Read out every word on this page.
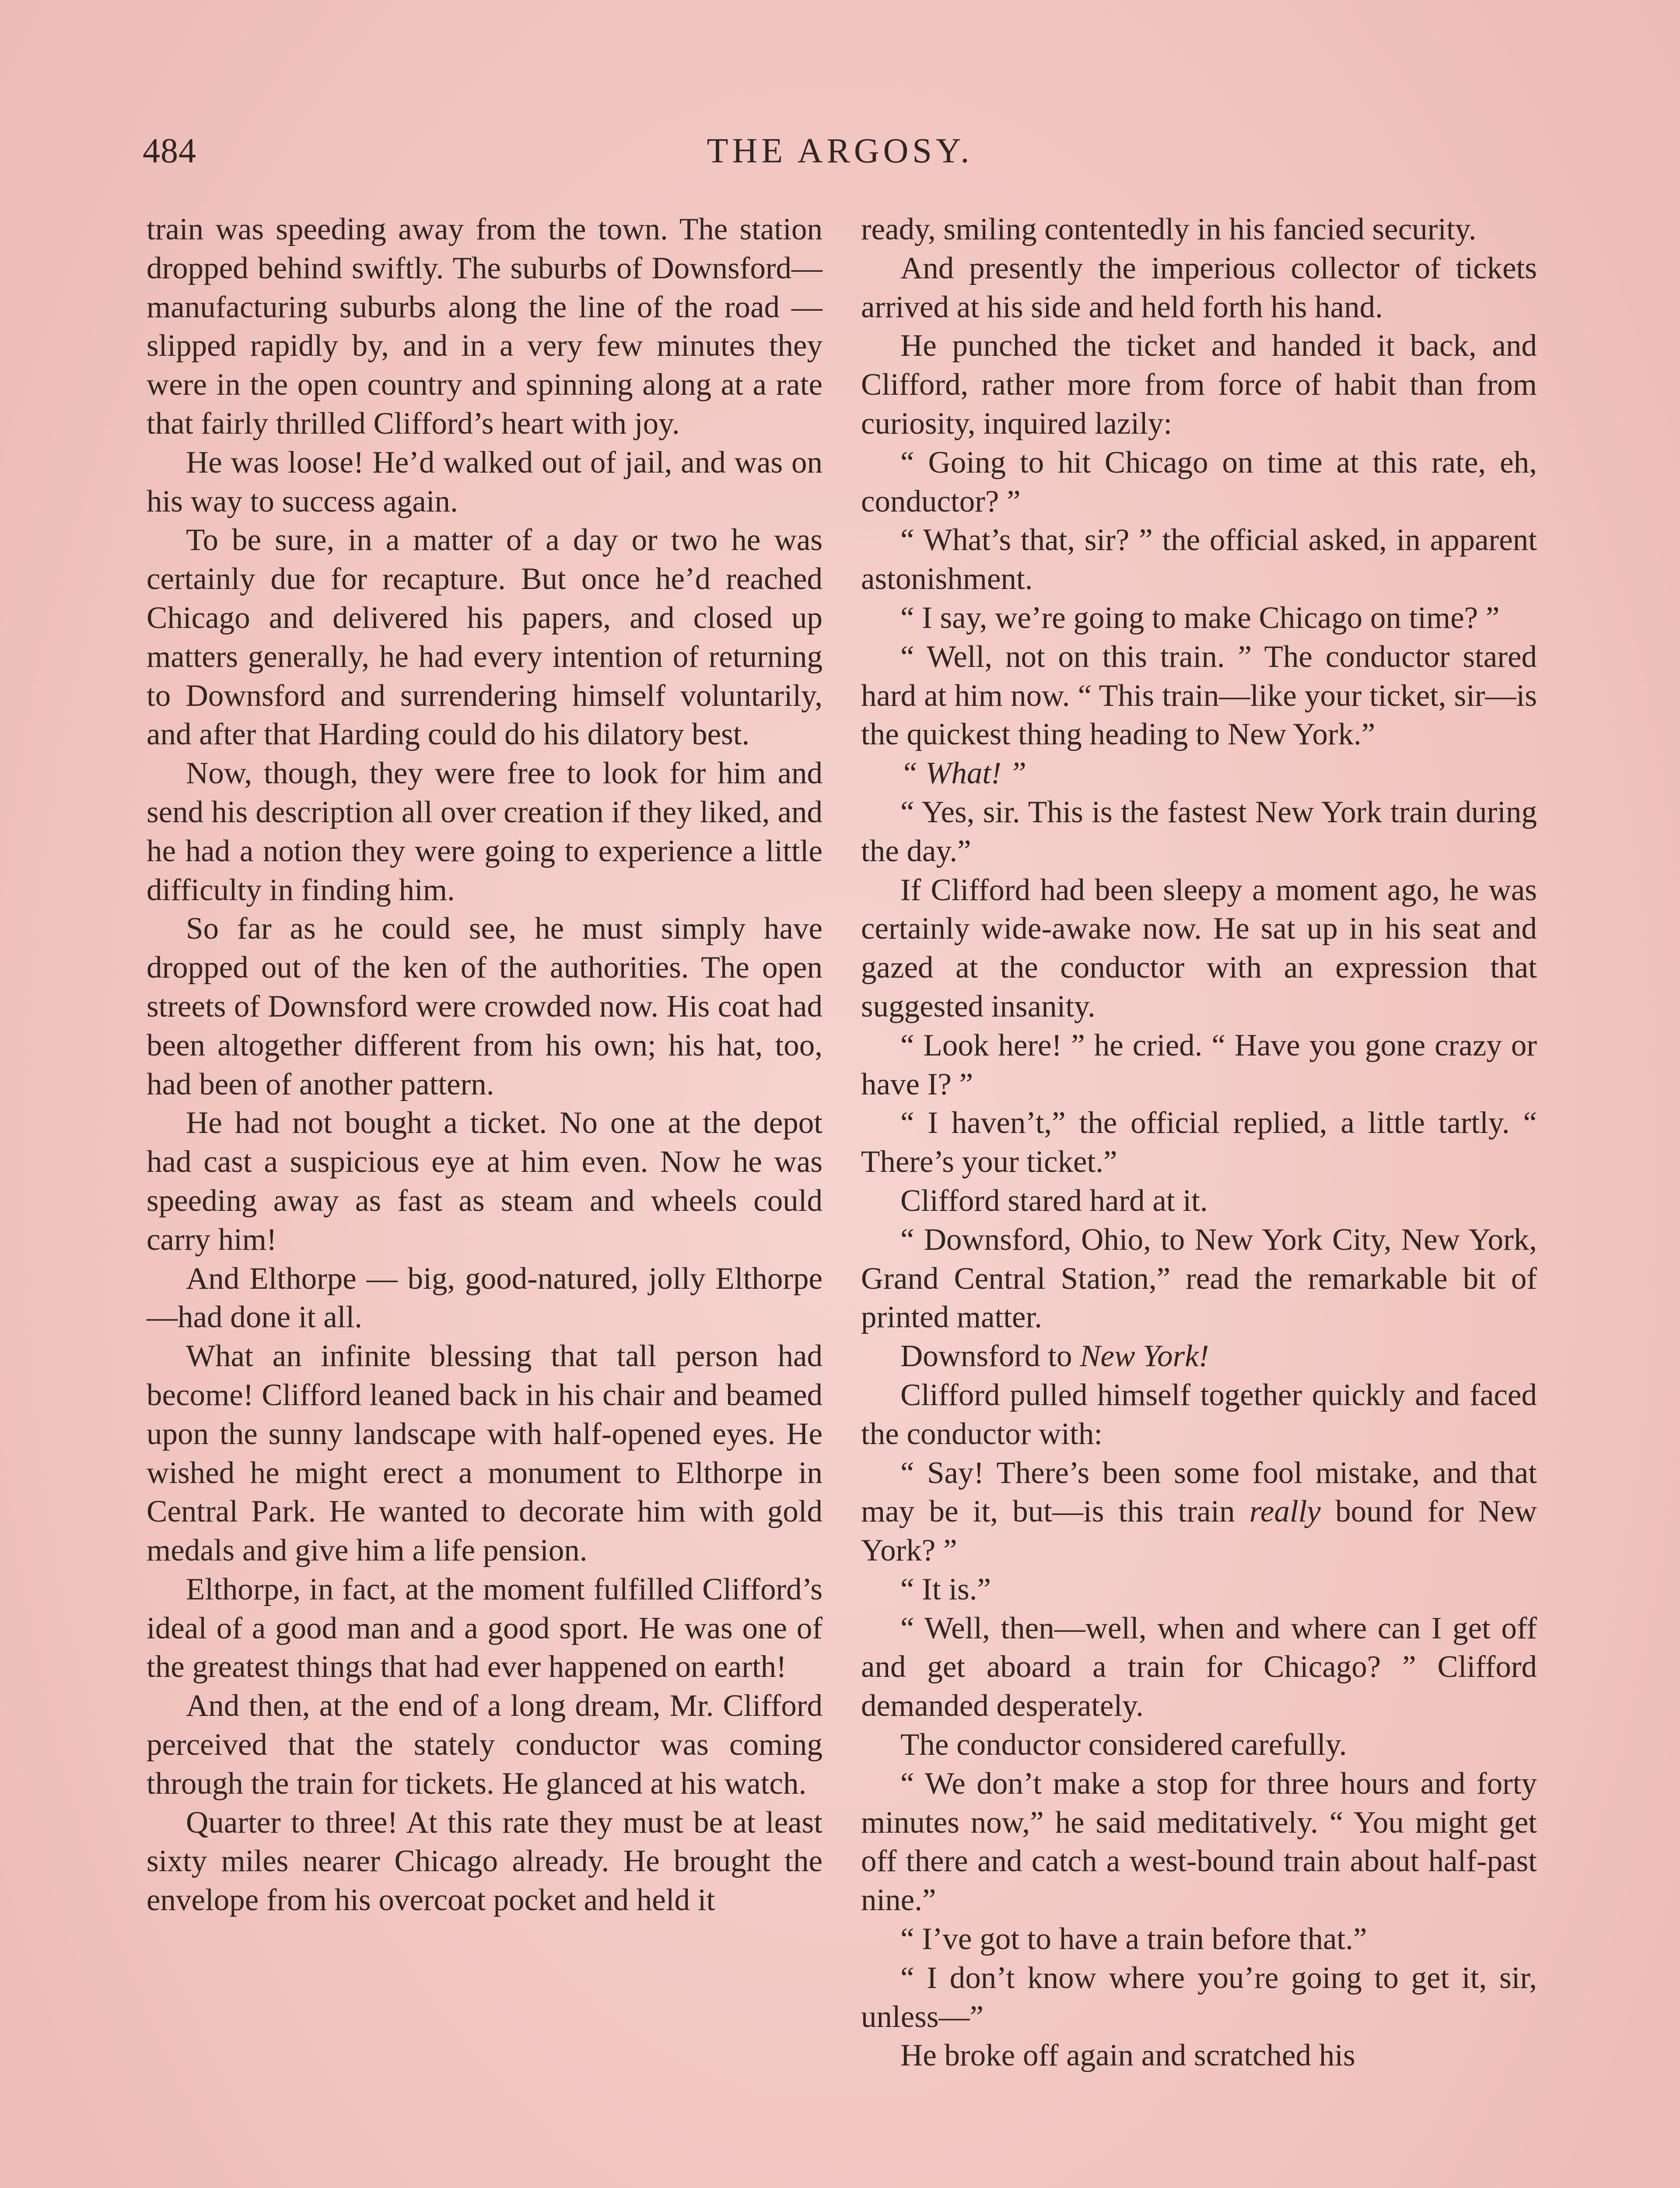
484	THE ARGOSY.

train was speeding away from the town. The station dropped behind swiftly. The suburbs of Downsford—manufacturing suburbs along the line of the road —slipped rapidly by, and in a very few minutes they were in the open country and spinning along at a rate that fairly thrilled Clifford’s heart with joy.

He was loose! He’d walked out of jail, and was on his way to success again.

To be sure, in a matter of a day or two he was certainly due for recapture. But once he’d reached Chicago and delivered his papers, and closed up matters generally, he had every intention of returning to Downsford and surrendering himself voluntarily, and after that Harding could do his dilatory best.

Now, though, they were free to look for him and send his description all over creation if they liked, and he had a notion they were going to experience a little difficulty in finding him.

So far as he could see, he must simply have dropped out of the ken of the authorities. The open streets of Downsford were crowded now. His coat had been altogether different from his own; his hat, too, had been of another pattern.

He had not bought a ticket. No one at the depot had cast a suspicious eye at him even. Now he was speeding away as fast as steam and wheels could carry him!

And Elthorpe — big, good-natured, jolly Elthorpe—had done it all.

What an infinite blessing that tall person had become! Clifford leaned back in his chair and beamed upon the sunny landscape with half-opened eyes. He wished he might erect a monument to Elthorpe in Central Park. He wanted to decorate him with gold medals and give him a life pension.

Elthorpe, in fact, at the moment fulfilled Clifford’s ideal of a good man and a good sport. He was one of the greatest things that had ever happened on earth!

And then, at the end of a long dream, Mr. Clifford perceived that the stately conductor was coming through the train for tickets. He glanced at his watch.

Quarter to three! At this rate they must be at least sixty miles nearer Chicago already. He brought the envelope from his overcoat pocket and held it

ready, smiling contentedly in his fancied security.

And presently the imperious collector of tickets arrived at his side and held forth his hand.

He punched the ticket and handed it back, and Clifford, rather more from force of habit than from curiosity, inquired lazily:

“ Going to hit Chicago on time at this rate, eh, conductor? ”

“ What’s that, sir? ” the official asked, in apparent astonishment.

“ I say, we’re going to make Chicago on time? ”

“ Well, not on this train. ” The conductor stared hard at him now. “ This train—like your ticket, sir—is the quickest thing heading to New York.”

“ What! ”

“ Yes, sir. This is the fastest New York train during the day.”

If Clifford had been sleepy a moment ago, he was certainly wide-awake now. He sat up in his seat and gazed at the conductor with an expression that suggested insanity.

“ Look here! ” he cried. “ Have you gone crazy or have I? ”

“ I haven’t,” the official replied, a little tartly. “ There’s your ticket.”

Clifford stared hard at it.

“ Downsford, Ohio, to New York City, New York, Grand Central Station,” read the remarkable bit of printed matter.

Downsford to New York!

Clifford pulled himself together quickly and faced the conductor with:

“ Say! There’s been some fool mistake, and that may be it, but—is this train really bound for New York? ”

“ It is.”

“ Well, then—well, when and where can I get off and get aboard a train for Chicago? ” Clifford demanded desperately.

The conductor considered carefully.

“ We don’t make a stop for three hours and forty minutes now,” he said meditatively. “ You might get off there and catch a west-bound train about half-past nine.”

“ I’ve got to have a train before that.”

“ I don’t know where you’re going to get it, sir, unless—”

He broke off again and scratched his
